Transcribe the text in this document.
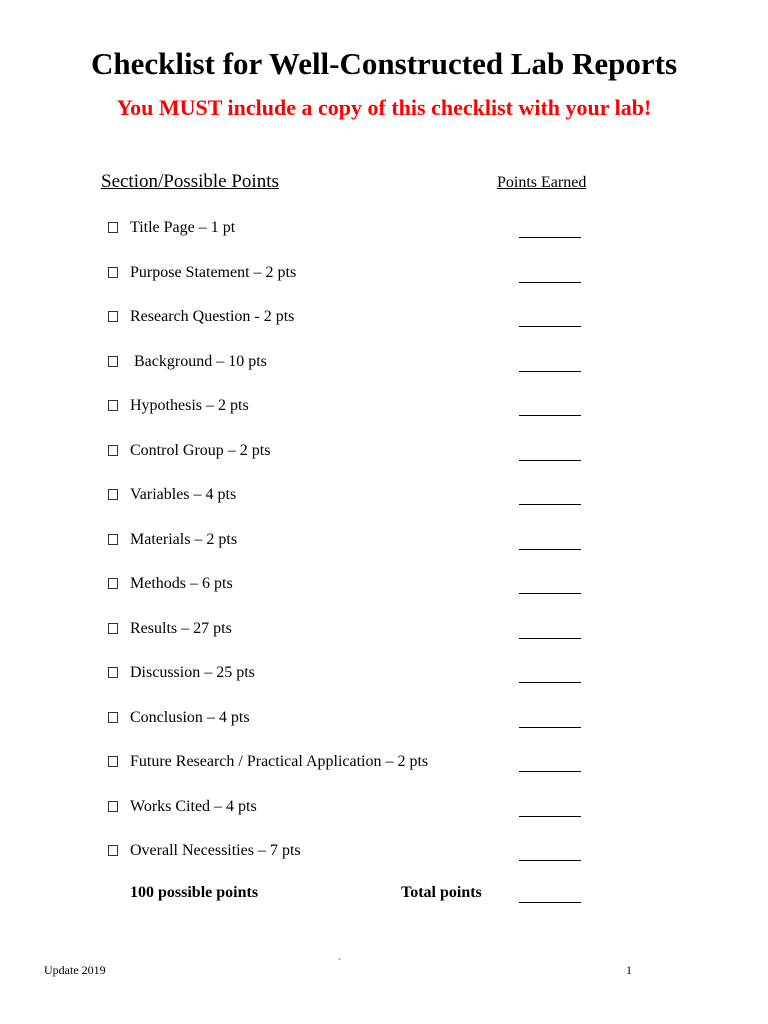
Checklist for Well-Constructed Lab Reports
You MUST include a copy of this checklist with your lab!
Section/Possible Points	Points Earned
Title Page – 1 pt
Purpose Statement – 2 pts
Research Question - 2 pts
Background – 10 pts
Hypothesis – 2 pts
Control Group – 2 pts
Variables – 4 pts
Materials – 2 pts
Methods – 6 pts
Results – 27 pts
Discussion – 25 pts
Conclusion – 4 pts
Future Research / Practical Application – 2 pts
Works Cited – 4 pts
Overall Necessities – 7 pts
100 possible points	Total points
Update 2019	`	1
